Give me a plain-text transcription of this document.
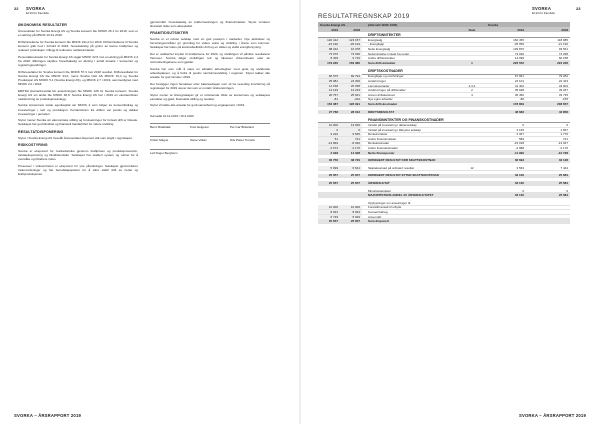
22 SVORKA
Et tilt for framtida
ØKONOMISK RESULTATER

Årsresultatet for Svorka Energi AS og Svorka konsern ble MNOK 25,1 for 2019, som er en økning på MNOK 10 fra 2018.

Driftsinntektene for Svorka konsern ble MNOK 221,0 for 2019. Driftsinntektene til Svorka konsern gikk ned i forhold til 2018, hovedsakelig på grunn av lavere kraftpriser og redusert produksjon i tillegg til reduserte nettleieinntekter.

Personalkostnader for Svorka Energi AS utgjør MNOK 22,5 mot en økning på MNOK 2,4 fra 2018. Økningen skyldes hovedsakelig en økning i antall ansatte i konsernet og reguleringsendringer.

Driftsresultatet for Svorka konsern ble MNOK 57,3 mot 2018 resultat. Driftsresultatet for Svorka Energi AS ble MNOK 34,0, mens Svorka Nett AS MNOK 19,4 og Svorka Produksjon AS MNOK 5,1 (Svorka Energi AS), og MNOK 2,7 i 2019, sammenlignet med MNOK 2,0 i 2018.

EBITDA (kontantresultat før avskrivninger) ble MNOK 128 for Svorka konsern. Svorka Energi AS sin andel ble MNOK 48,8. Svorka Energi AS har i 2019 en ekstraordinær nedskrivning av produksjonsanlegg.

Svorka konsernets totale egenkapital var MNOK 2 som følger av konsernbidrag og investeringer i nett og produksjon. Kontantstrøm fra driften var positiv og dekket investeringer i perioden.

Styret mener Svorka sin økonomiske stilling og forutsetninger for fortsatt drift er tilstede. Selskapet har god likviditet og finansiell handlefrihet for videre utvikling.

RESULTATDISPONERING

Styret i Svorka Energi AS foreslår årsresultatet disponert slik som angitt i regnskapet.

RISIKOSTYRING

Svorka er eksponert for markedsrisiko gjennom kraftprisen og produksjonsvolum, valutaeksponering og likviditetsrisiko. Selskapet har etablert system og rutiner for å overvåke og håndtere risiko.

Prosesser i virksomheten er eksponert for ytre påvirkninger. Selskapet gjennomfører risikovurderinger og har beredskapsplaner for å sikre stabil drift av nettet og kraftproduksjonen.

gjennomført hovedsakelig av kraftomsetningen og finansinntekter. Styret vurderer finansiell risiko som akseptabel.

FRAMTIDSUTSIKTER

Svorka er et robust selskap med en god posisjon i markedet. Nye aktiviteter og forretningsområder gir grunnlag for videre vekst og utvikling i årene som kommer. Selskapet har fokus på kostnadseffektiv drift og en sikker og stabil energiforsyning.

Det er usikkerhet knyttet til kraftprisene for 2020, og utviklingen vil påvirke resultatene fremover. Svorka følger utviklingen tett og tilpasser virksomheten etter de rammebetingelsene som gjelder.

Svorka har som mål å være en attraktiv arbeidsgiver med gode og utviklende arbeidsplasser, og å bidra til positiv samfunnsutvikling i regionen. Styret takker alle ansatte for god innsats i 2019.

Det foreligger ingen hendelser etter balansedagen som vil ha vesentlig innvirkning på regnskapet for 2019 utover det som er omtalt i årsberetningen.

Styret mener at årsregnskapet gir et rettvisende bilde av konsernets og selskapets eiendeler og gjeld, finansielle stilling og resultat.

Styret vil takke alle ansatte for godt samarbeid og engasjement i 2019.

Surnadal 31.12.2019 / 19.3.2020
Bernt Brattbakk	Knut Helgetun	Per Ivar Birkeland
Kristin Magne	Steve Vollan	Nils Petter Tronsta
Leif Roger Bergheim
SVORKA – ÅRSRAPPORT 2019
SVORKA
Et tilt for framtida
23
RESULTATREGNSKAP 2019
Svorka Energi AS	(Alle tall i NOK 1000)	Svorka
2019	2018	Note	2019	2018
DRIFTSINNTEKTER
120 412	123 157	Energisalg	160 455	118 985
-15 190	-35 193	- Energikjøp	-35 059	-21 190
98 222	10 078	Netto Energisalg	139 876	93 561
73 076	73 036	Nettoinntekter inntekt fra nettet	73 036	74 038
8 409	6 716	Andre driftsinntekter	14 099	60 158
179 946	156 380	Sum driftsinntekter	1	226 552	222 226
DRIFTSKOSTNADER
66 575	69 794	Energikjøp og overføringer	67 961	79 262
25 081	24 300	Avskrivninger	24 101	22 423
11 158	20 038	Lønnskostnader	2,3,4	41 402	43 904
14 149	13 233	Avskrivninger på driftsmidler	2	35 928	39 267
20 767	25 941	Annen driftskostnad	4	36 450	33 735
-81	-310	Nye egne arbeider	-80	-155
152 387	128 391	Sum driftskostnader	178 809	208 657
27 768	28 012	DRIFTSRESULTAT	48 683	43 856
FINANSINNTEKTER OG FINANSKOSTNADER
10 000	13 930	Inntekt på investering i datterselskap	0	0
0	0	Inntekt på investering i tilknyttet selskap	3 165	1 657
9 220	9 565	Renteinntekter	2 367	1 776
51	741	Andre finansinntekter	583	741
-13 869	-8 030	Rentekostnader	-15 018	-13 937
-2 673	-2 176	Andre finanskostnader	-2 988	-2 176
2 948	14 328	Netto finansposter	-11 990	-10 728
30 756	38 729	ORDINÆRT RESULTAT FØR SKATTEKOSTNAD	36 693	33 128
5 099	6 641	Skattekostnad på ordinært resultat	12	3 563	7 444
25 657	25 657	ORDINÆRT RESULTAT ETTER SKATTEKOSTNAD	33 130	25 684
25 657	25 657	ÅRSRESULTAT	33 130	25 684
Minoritetsandeler	0	0
MAJORITETENS ANDEL AV ÅRSRESULTATET	33 130	25 684
Opplysninger om avsetninger til:
10 000	10 000	Foreslått avsatt til utbytte
8 943	8 943	Konsernbidrag
6 749	5 929	Annen EK
25 657	25 657	Sum disponert
SVORKA – ÅRSRAPPORT 2019
